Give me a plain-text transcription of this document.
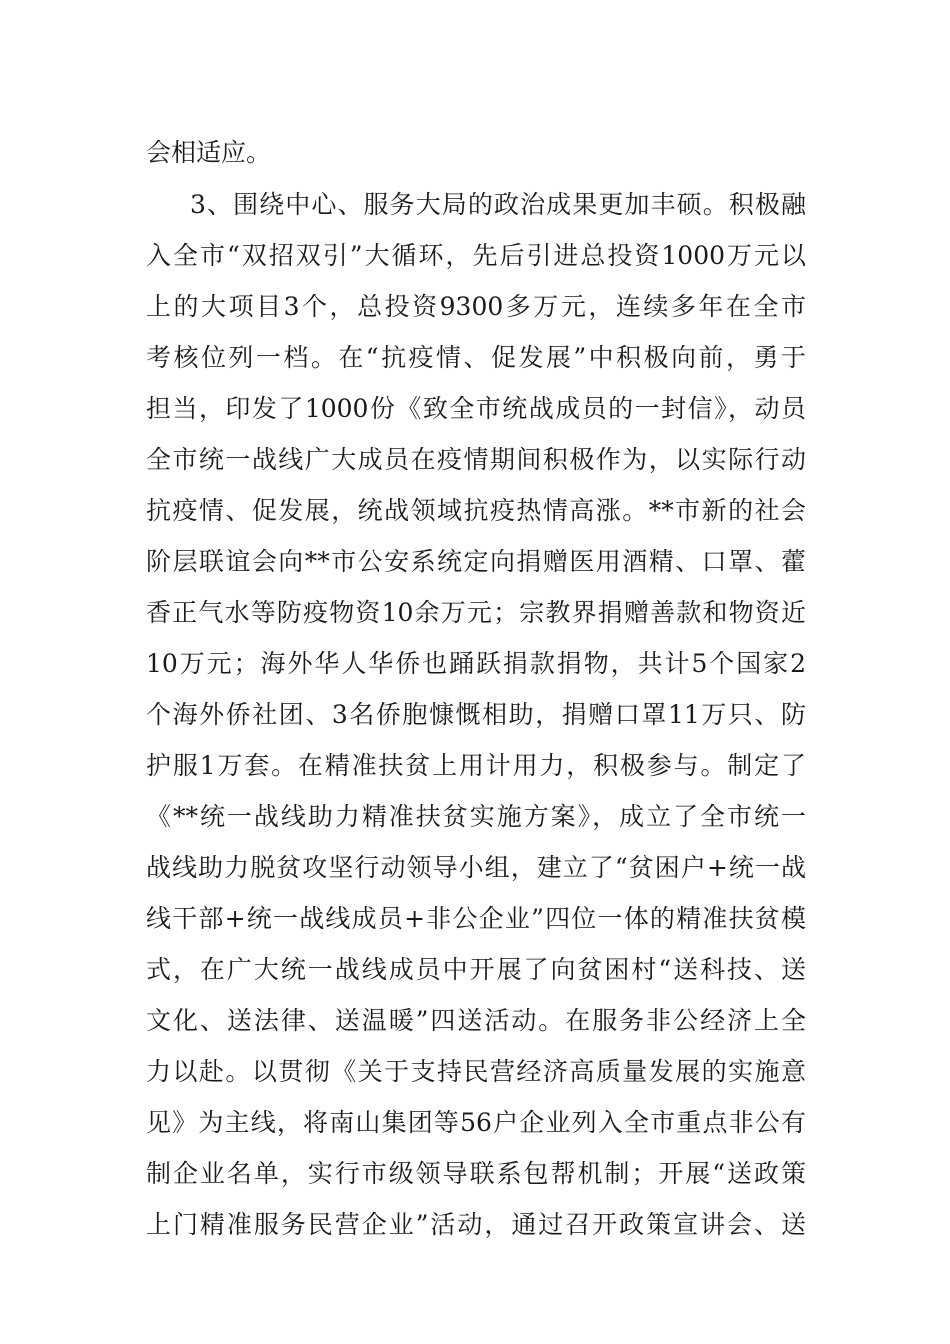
会相适应。
3、围绕中心、服务大局的政治成果更加丰硕。积极融
入全市“双招双引”大循环，先后引进总投资1000万元以
上的大项目3个，总投资9300多万元，连续多年在全市
考核位列一档。在“抗疫情、促发展”中积极向前，勇于
担当，印发了1000份《致全市统战成员的一封信》，动员
全市统一战线广大成员在疫情期间积极作为，以实际行动
抗疫情、促发展，统战领域抗疫热情高涨。**市新的社会
阶层联谊会向**市公安系统定向捐赠医用酒精、口罩、藿
香正气水等防疫物资10余万元；宗教界捐赠善款和物资近
10万元；海外华人华侨也踊跃捐款捐物，共计5个国家2
个海外侨社团、3名侨胞慷慨相助，捐赠口罩11万只、防
护服1万套。在精准扶贫上用计用力，积极参与。制定了
《**统一战线助力精准扶贫实施方案》，成立了全市统一
战线助力脱贫攻坚行动领导小组，建立了“贫困户+统一战
线干部+统一战线成员+非公企业”四位一体的精准扶贫模
式，在广大统一战线成员中开展了向贫困村“送科技、送
文化、送法律、送温暖”四送活动。在服务非公经济上全
力以赴。以贯彻《关于支持民营经济高质量发展的实施意
见》为主线，将南山集团等56户企业列入全市重点非公有
制企业名单，实行市级领导联系包帮机制；开展“送政策
上门精准服务民营企业”活动，通过召开政策宣讲会、送
